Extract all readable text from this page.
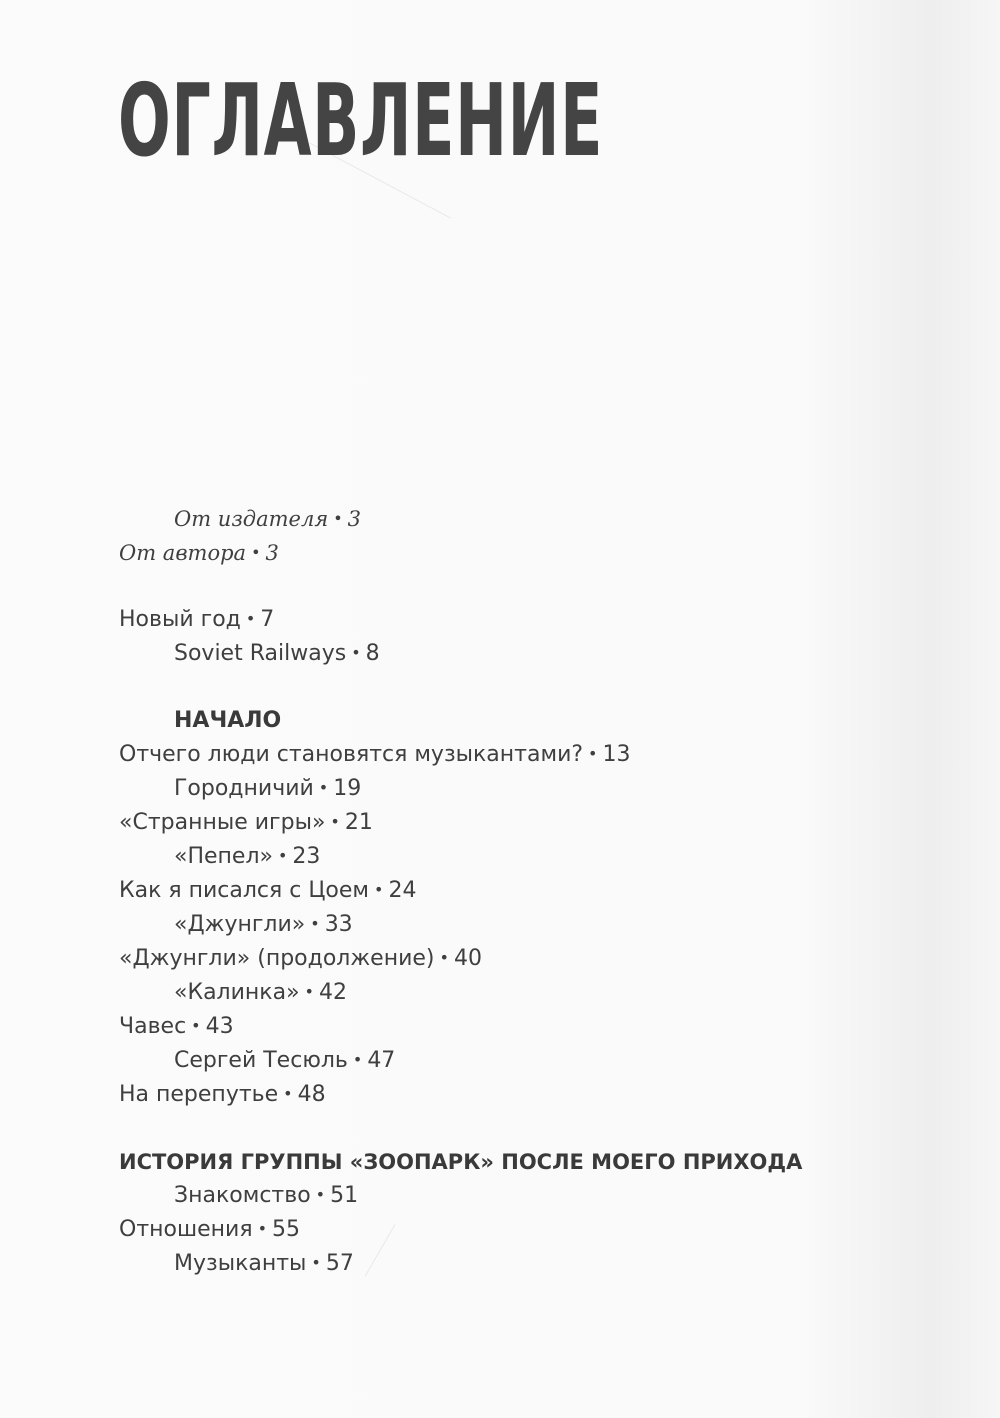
ОГЛАВЛЕНИЕ
От издателя • 3
От автора • 3
Новый год • 7
Soviet Railways • 8
НАЧАЛО
Отчего люди становятся музыкантами? • 13
Городничий • 19
«Странные игры» • 21
«Пепел» • 23
Как я писался с Цоем • 24
«Джунгли» • 33
«Джунгли» (продолжение) • 40
«Калинка» • 42
Чавес • 43
Сергей Тесюль • 47
На перепутье • 48
ИСТОРИЯ ГРУППЫ «ЗООПАРК» ПОСЛЕ МОЕГО ПРИХОДА
Знакомство • 51
Отношения • 55
Музыканты • 57
